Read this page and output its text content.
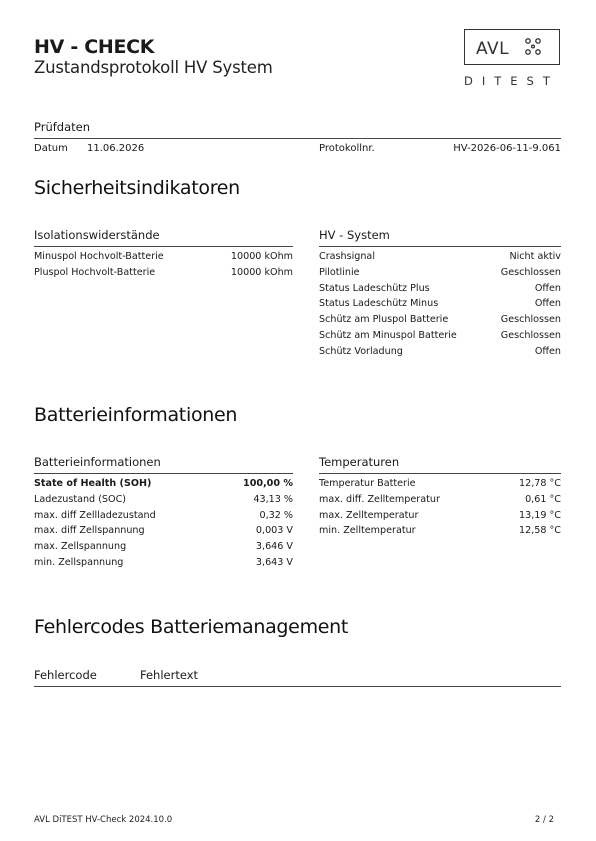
HV - CHECK
Zustandsprotokoll HV System
AVL
DITEST
Prüfdaten
Datum 11.06.2026	Protokollnr.	HV-2026-06-11-9.061
Sicherheitsindikatoren
Isolationswiderstände
Minuspol Hochvolt-Batterie	10000 kOhm
Pluspol Hochvolt-Batterie	10000 kOhm
HV - System
Crashsignal	Nicht aktiv
Pilotlinie	Geschlossen
Status Ladeschütz Plus	Offen
Status Ladeschütz Minus	Offen
Schütz am Pluspol Batterie	Geschlossen
Schütz am Minuspol Batterie	Geschlossen
Schütz Vorladung	Offen
Batterieinformationen
Batterieinformationen
State of Health (SOH)	100,00 %
Ladezustand (SOC)	43,13 %
max. diff Zellladezustand	0,32 %
max. diff Zellspannung	0,003 V
max. Zellspannung	3,646 V
min. Zellspannung	3,643 V
Temperaturen
Temperatur Batterie	12,78 °C
max. diff. Zelltemperatur	0,61 °C
max. Zelltemperatur	13,19 °C
min. Zelltemperatur	12,58 °C
Fehlercodes Batteriemanagement
Fehlercode	Fehlertext
AVL DiTEST HV-Check 2024.10.0	2 / 2
